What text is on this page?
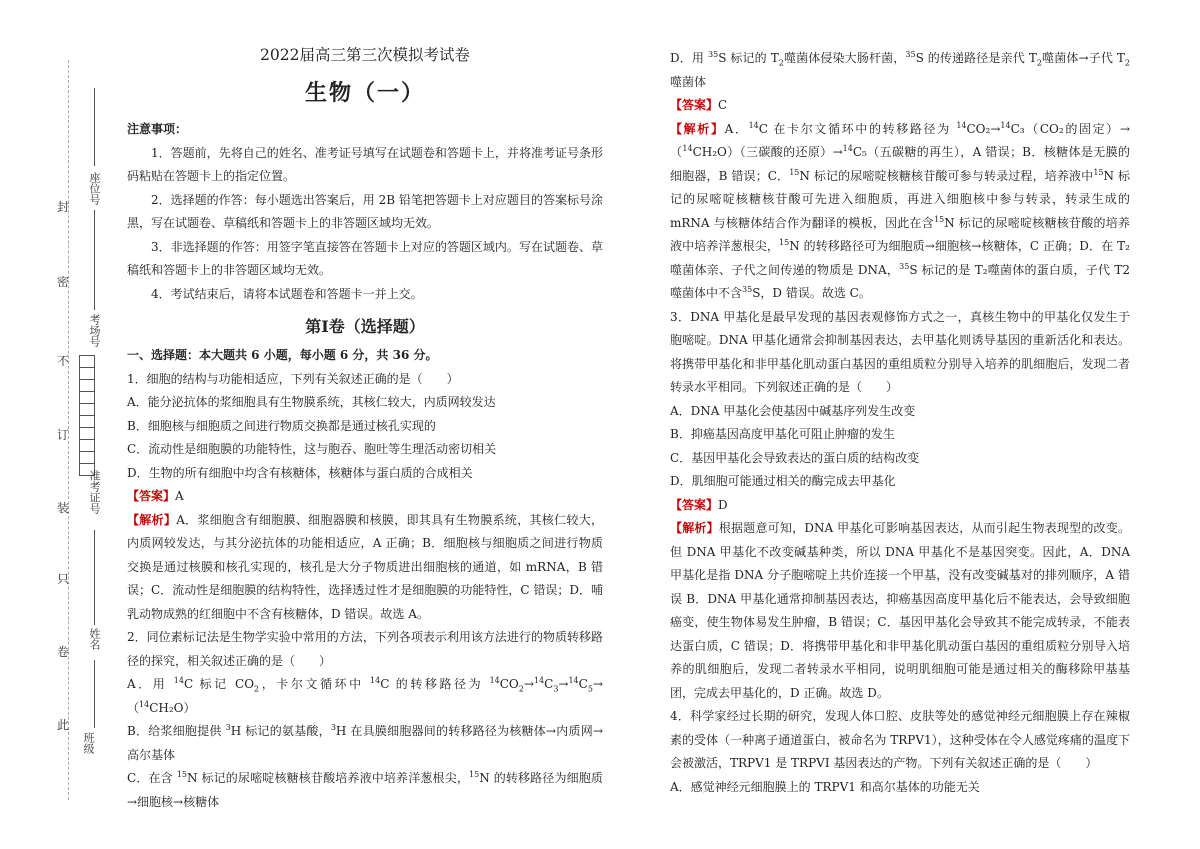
封
密
不
订
装
只
卷
此
座位号
考场号
准考证号
姓名
班级
2022届高三第三次模拟考试卷
生物（一）

注意事项：

1．答题前，先将自己的姓名、准考证号填写在试题卷和答题卡上，并将准考证号条形码粘贴在答题卡上的指定位置。

2．选择题的作答：每小题选出答案后，用 2B 铅笔把答题卡上对应题目的答案标号涂黑，写在试题卷、草稿纸和答题卡上的非答题区域均无效。

3．非选择题的作答：用签字笔直接答在答题卡上对应的答题区域内。写在试题卷、草稿纸和答题卡上的非答题区域均无效。

4．考试结束后，请将本试题卷和答题卡一并上交。

第Ⅰ卷（选择题）

一、选择题：本大题共 6 小题，每小题 6 分，共 36 分。

1．细胞的结构与功能相适应，下列有关叙述正确的是（　　）

A．能分泌抗体的浆细胞具有生物膜系统，其核仁较大，内质网较发达

B．细胞核与细胞质之间进行物质交换都是通过核孔实现的

C．流动性是细胞膜的功能特性，这与胞吞、胞吐等生理活动密切相关

D．生物的所有细胞中均含有核糖体，核糖体与蛋白质的合成相关

【答案】A

【解析】A．浆细胞含有细胞膜、细胞器膜和核膜，即其具有生物膜系统，其核仁较大，内质网较发达，与其分泌抗体的功能相适应，A 正确；B．细胞核与细胞质之间进行物质交换是通过核膜和核孔实现的，核孔是大分子物质进出细胞核的通道，如 mRNA，B 错误；C．流动性是细胞膜的结构特性，选择透过性才是细胞膜的功能特性，C 错误；D．哺乳动物成熟的红细胞中不含有核糖体，D 错误。故选 A。

2．同位素标记法是生物学实验中常用的方法，下列各项表示利用该方法进行的物质转移路径的探究，相关叙述正确的是（　　）

A．用 $^{14}$C 标记 $CO_2$，卡尔文循环中 $^{14}$C 的转移路径为 $^{14}CO_2\to^{14}C_3\to^{14}C_5\to(^{14}CH_2O)$

B．给浆细胞提供 $^3$H 标记的氨基酸，$^3$H 在具膜细胞器间的转移路径为核糖体→内质网→高尔基体

C．在含 $^{15}$N 标记的尿嘧啶核糖核苷酸培养液中培养洋葱根尖，$^{15}$N 的转移路径为细胞质→细胞核→核糖体

D．用 $^{35}$S 标记的 $T_2$噬菌体侵染大肠杆菌，$^{35}$S 的传递路径是亲代 $T_2$噬菌体→子代 $T_2$噬菌体

【答案】C

【解析】A．$^{14}$C 在卡尔文循环中的转移路径为 $^{14}$CO₂→$^{14}$C₃（CO₂的固定）→（$^{14}$CH₂O）（三碳酸的还原）→$^{14}$C₅（五碳糖的再生），A 错误；B．核糖体是无膜的细胞器，B 错误；C．$^{15}$N 标记的尿嘧啶核糖核苷酸可参与转录过程，培养液中$^{15}$N 标记的尿嘧啶核糖核苷酸可先进入细胞质，再进入细胞核中参与转录，转录生成的 mRNA 与核糖体结合作为翻译的模板，因此在含$^{15}$N 标记的尿嘧啶核糖核苷酸的培养液中培养洋葱根尖，$^{15}$N 的转移路径可为细胞质→细胞核→核糖体，C 正确；D．在 T₂噬菌体亲、子代之间传递的物质是 DNA，$^{35}$S 标记的是 T₂噬菌体的蛋白质，子代 T2 噬菌体中不含$^{35}$S，D 错误。故选 C。

3．DNA 甲基化是最早发现的基因表观修饰方式之一，真核生物中的甲基化仅发生于胞嘧啶。DNA 甲基化通常会抑制基因表达，去甲基化则诱导基因的重新活化和表达。将携带甲基化和非甲基化肌动蛋白基因的重组质粒分别导入培养的肌细胞后，发现二者转录水平相同。下列叙述正确的是（　　）

A．DNA 甲基化会使基因中碱基序列发生改变

B．抑癌基因高度甲基化可阻止肿瘤的发生

C．基因甲基化会导致表达的蛋白质的结构改变

D．肌细胞可能通过相关的酶完成去甲基化

【答案】D

【解析】根据题意可知，DNA 甲基化可影响基因表达，从而引起生物表现型的改变。但 DNA 甲基化不改变碱基种类，所以 DNA 甲基化不是基因突变。因此，A．DNA 甲基化是指 DNA 分子胞嘧啶上共价连接一个甲基，没有改变碱基对的排列顺序，A 错误 B．DNA 甲基化通常抑制基因表达，抑癌基因高度甲基化后不能表达，会导致细胞癌变，使生物体易发生肿瘤，B 错误；C．基因甲基化会导致其不能完成转录，不能表达蛋白质，C 错误；D．将携带甲基化和非甲基化肌动蛋白基因的重组质粒分别导入培养的肌细胞后，发现二者转录水平相同，说明肌细胞可能是通过相关的酶移除甲基基团，完成去甲基化的，D 正确。故选 D。

4．科学家经过长期的研究，发现人体口腔、皮肤等处的感觉神经元细胞膜上存在辣椒素的受体（一种离子通道蛋白，被命名为 TRPV1），这种受体在令人感觉疼痛的温度下会被激活，TRPV1 是 TRPVI 基因表达的产物。下列有关叙述正确的是（　　）

A．感觉神经元细胞膜上的 TRPV1 和高尔基体的功能无关
